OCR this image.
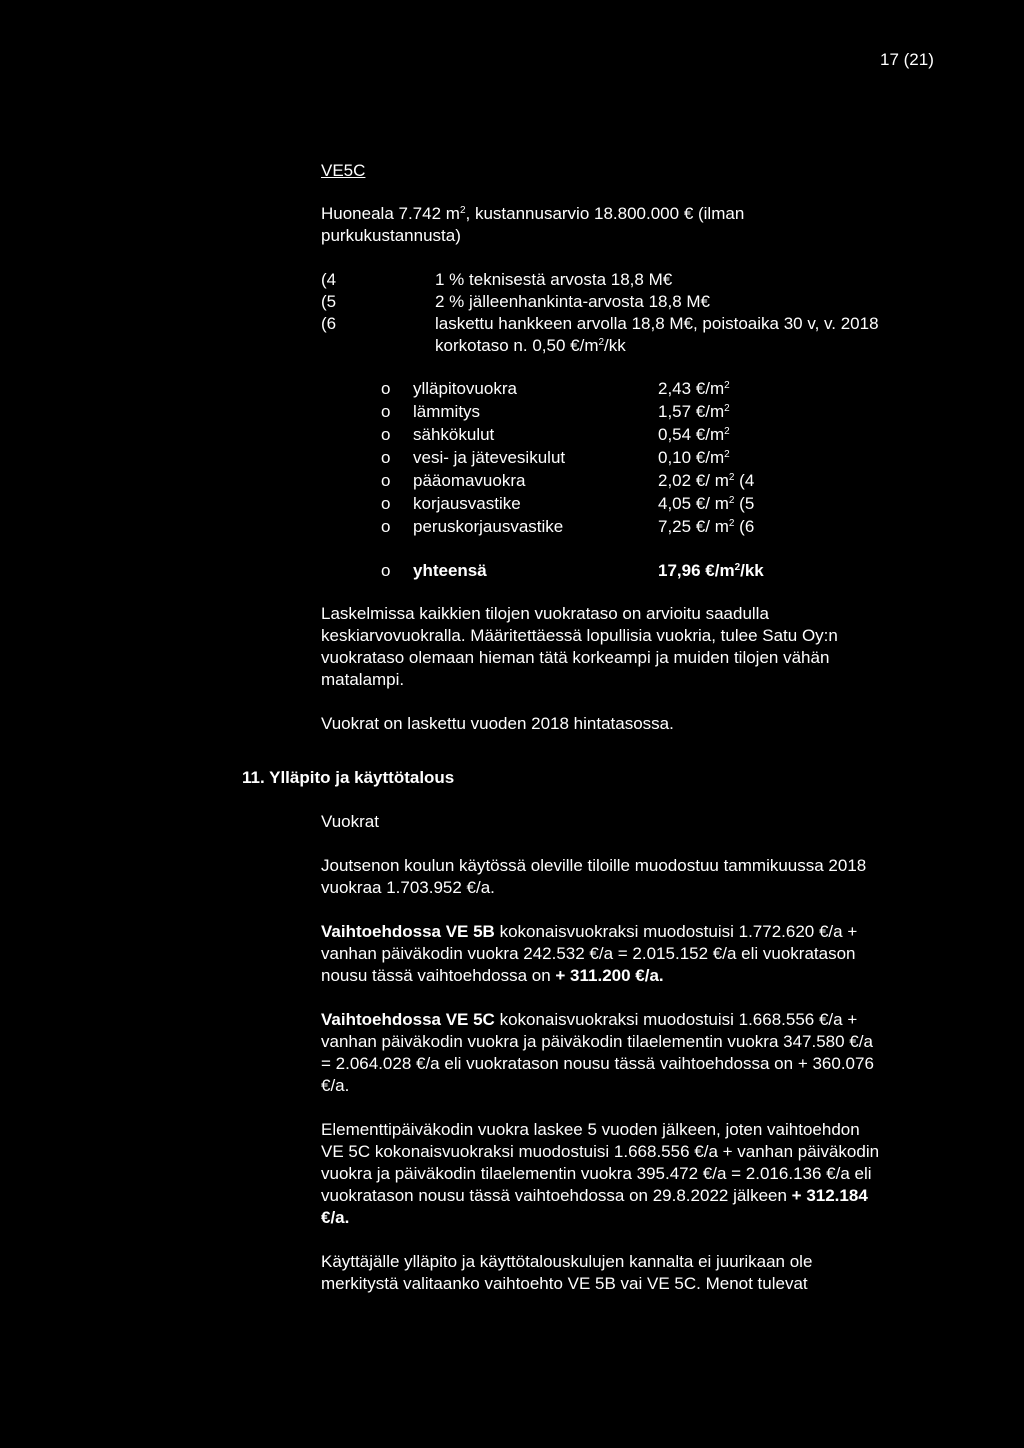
17 (21)
VE5C
Huoneala 7.742 $m^2$, kustannusarvio 18.800.000 € (ilman
purkukustannusta)
(4	1 % teknisestä arvosta 18,8 M€
(5	2 % jälleenhankinta-arvosta 18,8 M€
(6	laskettu hankkeen arvolla 18,8 M€, poistoaika 30 v, v. 2018
korkotaso n. 0,50 $€/m^2/kk$
o ylläpitovuokra	2,43 $€/m^2$
o lämmitys	1,57 $€/m^2$
o sähkökulut	0,54 $€/m^2$
o vesi- ja jätevesikulut	0,10 $€/m^2$
o pääomavuokra	2,02 €/ $m^2$ (4
o korjausvastike	4,05 €/ $m^2$ (5
o peruskorjausvastike	7,25 €/ $m^2$ (6
o yhteensä	17,96 $€/m^2/kk$
Laskelmissa kaikkien tilojen vuokrataso on arvioitu saadulla
keskiarvovuokralla. Määritettäessä lopullisia vuokria, tulee Satu Oy:n
vuokrataso olemaan hieman tätä korkeampi ja muiden tilojen vähän
matalampi.
Vuokrat on laskettu vuoden 2018 hintatasossa.
11. Ylläpito ja käyttötalous
Vuokrat
Joutsenon koulun käytössä oleville tiloille muodostuu tammikuussa 2018
vuokraa 1.703.952 €/a.
Vaihtoehdossa VE 5B kokonaisvuokraksi muodostuisi 1.772.620 €/a +
vanhan päiväkodin vuokra 242.532 €/a = 2.015.152 €/a eli vuokratason
nousu tässä vaihtoehdossa on + 311.200 €/a.
Vaihtoehdossa VE 5C kokonaisvuokraksi muodostuisi 1.668.556 €/a +
vanhan päiväkodin vuokra ja päiväkodin tilaelementin vuokra 347.580 €/a
= 2.064.028 €/a eli vuokratason nousu tässä vaihtoehdossa on + 360.076
€/a.
Elementtipäiväkodin vuokra laskee 5 vuoden jälkeen, joten vaihtoehdon
VE 5C kokonaisvuokraksi muodostuisi 1.668.556 €/a + vanhan päiväkodin
vuokra ja päiväkodin tilaelementin vuokra 395.472 €/a = 2.016.136 €/a eli
vuokratason nousu tässä vaihtoehdossa on 29.8.2022 jälkeen + 312.184
€/a.
Käyttäjälle ylläpito ja käyttötalouskulujen kannalta ei juurikaan ole
merkitystä valitaanko vaihtoehto VE 5B vai VE 5C. Menot tulevat
